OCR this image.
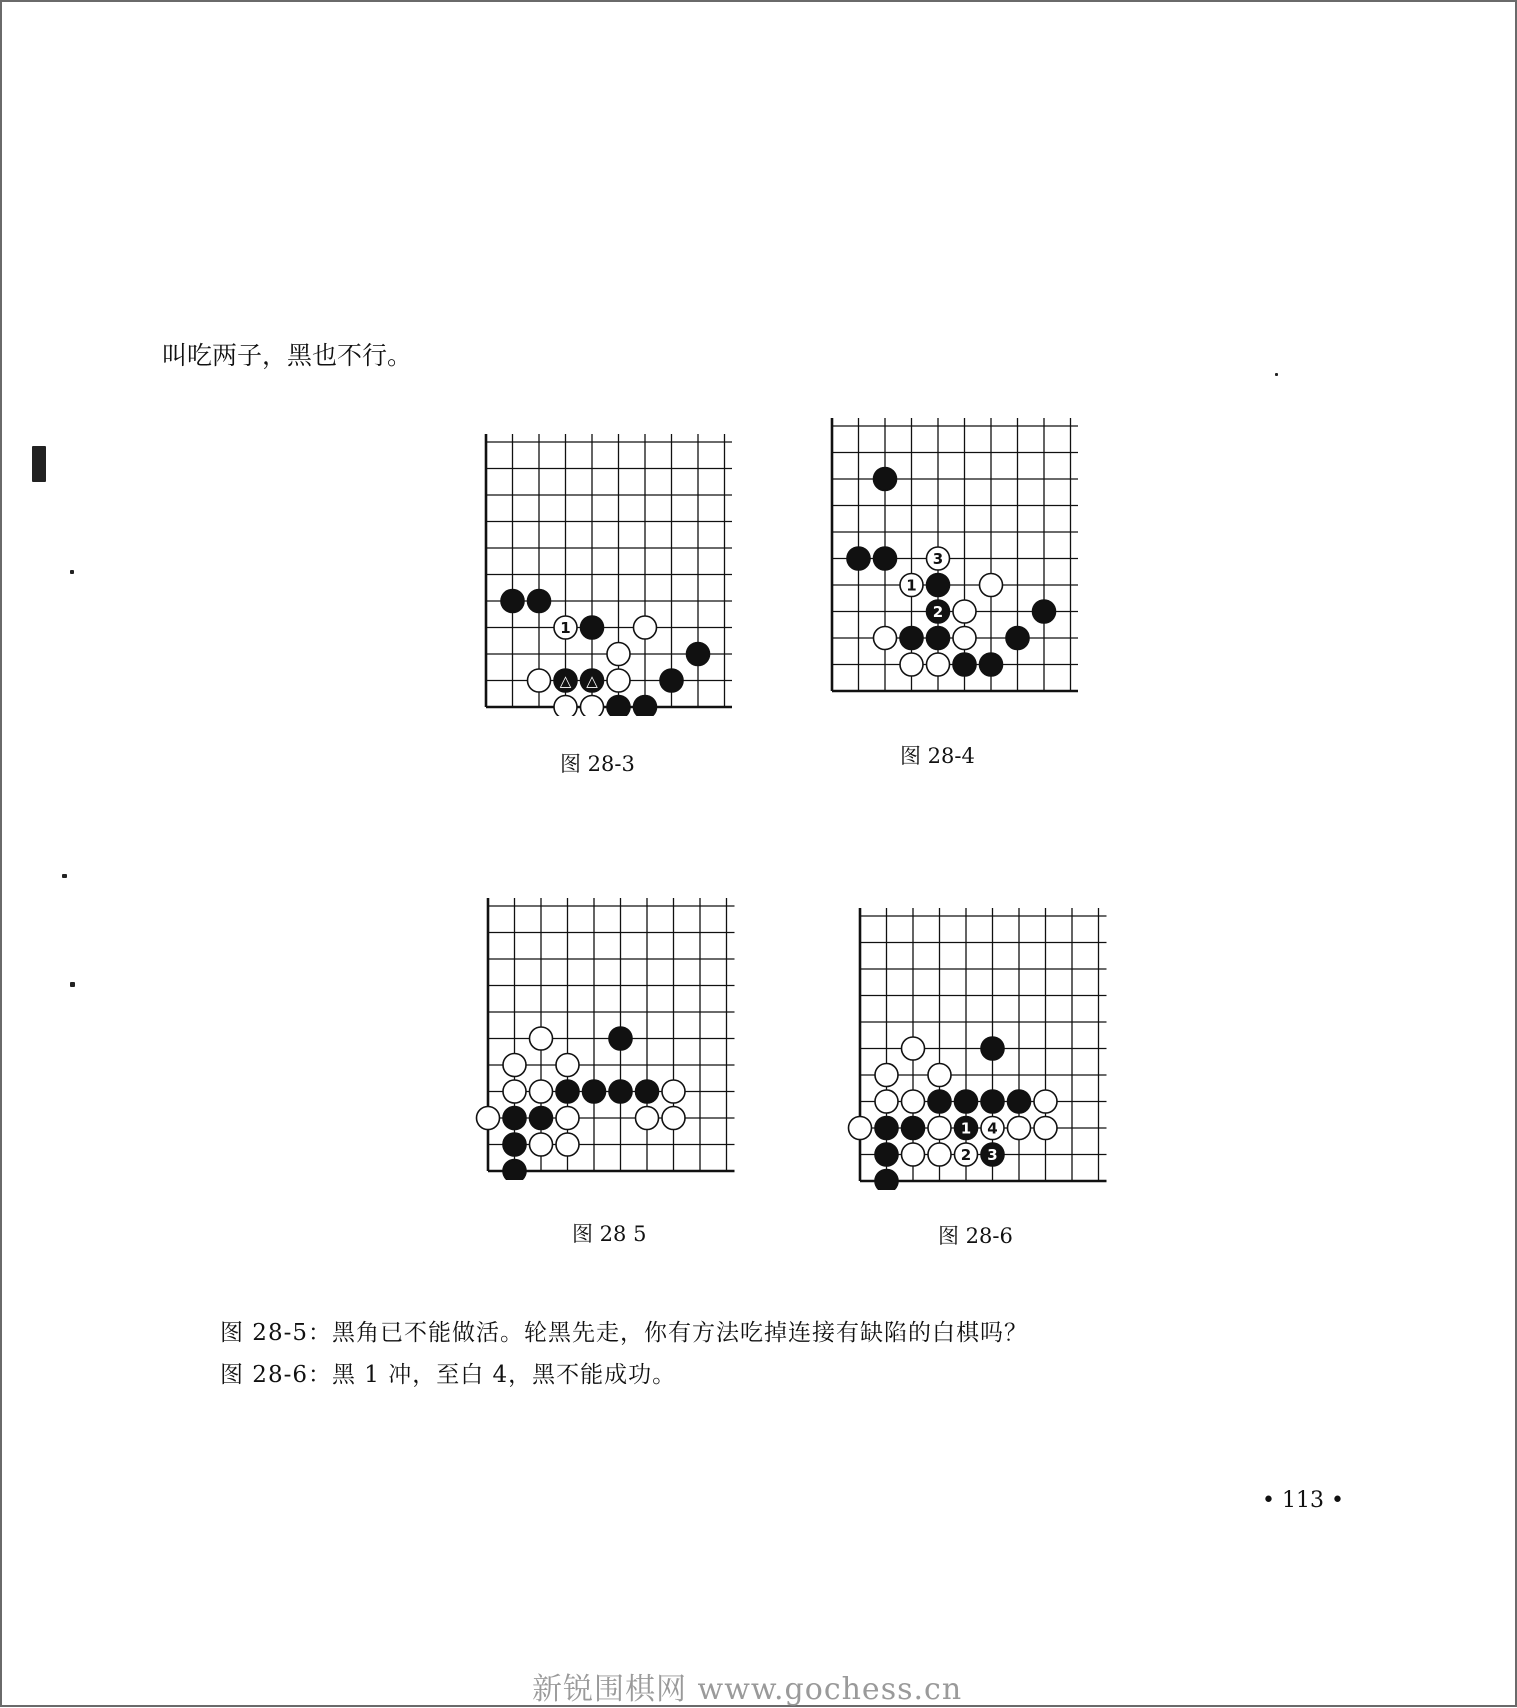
叫吃两子，黑也不行。
1
△ △
图 28-3
3
1
2
图 28-4
图 28 5
1 4
2 3
图 28-6
图 28-5：黑角已不能做活。轮黑先走，你有方法吃掉连接有缺陷的白棋吗？
图 28-6：黑 1 冲，至白 4，黑不能成功。
• 113 •
新锐围棋网 www.gochess.cn
